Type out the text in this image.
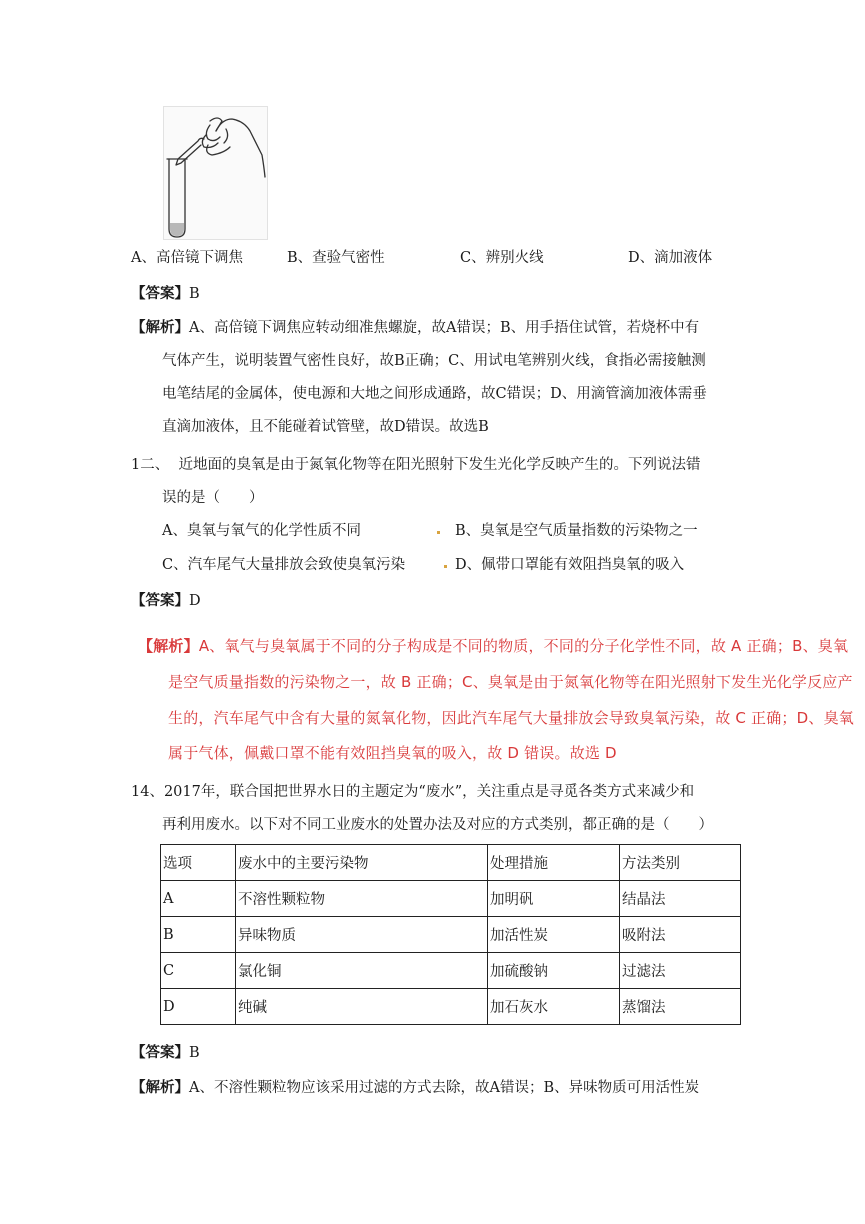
A、高倍镜下调焦	B、查验气密性	C、辨别火线	D、滴加液体
【答案】B
【解析】A、高倍镜下调焦应转动细准焦螺旋，故A错误；B、用手捂住试管，若烧杯中有
气体产生，说明装置气密性良好，故B正确；C、用试电笔辨别火线，食指必需接触测
电笔结尾的金属体，使电源和大地之间形成通路，故C错误；D、用滴管滴加液体需垂
直滴加液体，且不能碰着试管壁，故D错误。故选B
1二、 近地面的臭氧是由于氮氧化物等在阳光照射下发生光化学反映产生的。下列说法错
误的是（　　）
A、臭氧与氧气的化学性质不同	B、臭氧是空气质量指数的污染物之一
C、汽车尾气大量排放会致使臭氧污染	D、佩带口罩能有效阻挡臭氧的吸入
【答案】D
【解析】A、氧气与臭氧属于不同的分子构成是不同的物质，不同的分子化学性不同，故 A 正确；B、臭氧
是空气质量指数的污染物之一，故 B 正确；C、臭氧是由于氮氧化物等在阳光照射下发生光化学反应产
生的，汽车尾气中含有大量的氮氧化物，因此汽车尾气大量排放会导致臭氧污染，故 C 正确；D、臭氧
属于气体，佩戴口罩不能有效阻挡臭氧的吸入，故 D 错误。故选 D
14、2017年，联合国把世界水日的主题定为“废水”，关注重点是寻觅各类方式来减少和
再利用废水。以下对不同工业废水的处置办法及对应的方式类别，都正确的是（　　）
选项	废水中的主要污染物	处理措施	方法类别
A	不溶性颗粒物	加明矾	结晶法
B	异味物质	加活性炭	吸附法
C	氯化铜	加硫酸钠	过滤法
D	纯碱	加石灰水	蒸馏法
【答案】B
【解析】A、不溶性颗粒物应该采用过滤的方式去除，故A错误；B、异味物质可用活性炭
